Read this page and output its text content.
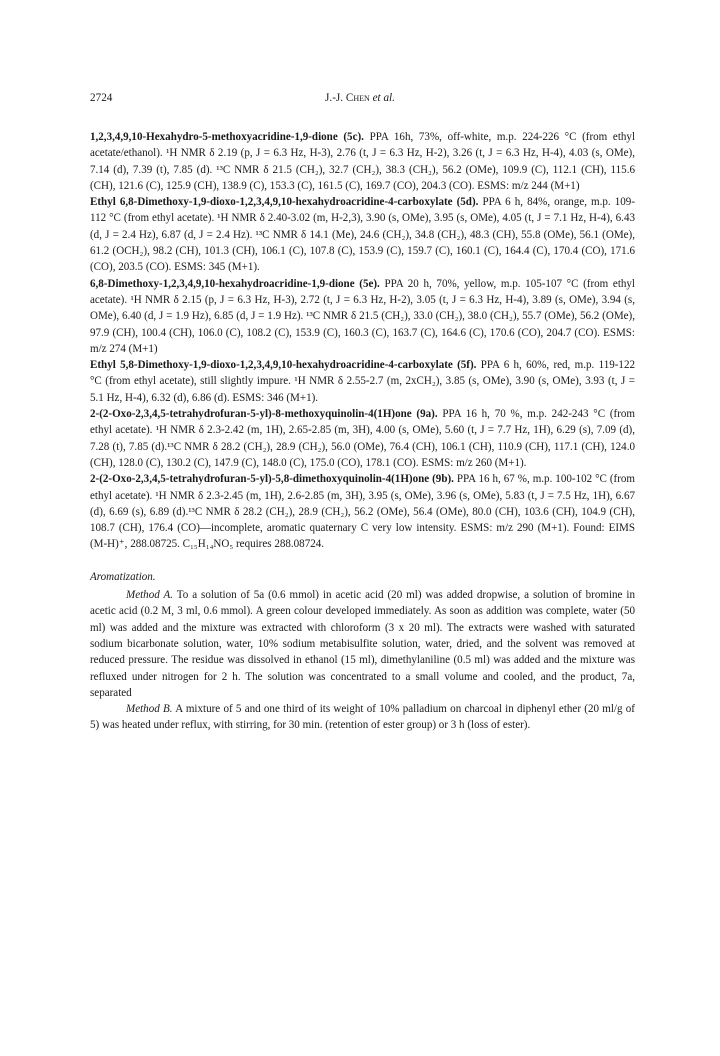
2724	J.-J. Chen et al.

1,2,3,4,9,10-Hexahydro-5-methoxyacridine-1,9-dione (5c). PPA 16h, 73%, off-white, m.p. 224-226 °C (from ethyl acetate/ethanol). ¹H NMR δ 2.19 (p, J = 6.3 Hz, H-3), 2.76 (t, J = 6.3 Hz, H-2), 3.26 (t, J = 6.3 Hz, H-4), 4.03 (s, OMe), 7.14 (d), 7.39 (t), 7.85 (d). ¹³C NMR δ 21.5 (CH₂), 32.7 (CH₂), 38.3 (CH₂), 56.2 (OMe), 109.9 (C), 112.1 (CH), 115.6 (CH), 121.6 (C), 125.9 (CH), 138.9 (C), 153.3 (C), 161.5 (C), 169.7 (CO), 204.3 (CO). ESMS: m/z 244 (M+1)

Ethyl 6,8-Dimethoxy-1,9-dioxo-1,2,3,4,9,10-hexahydroacridine-4-carboxylate (5d). PPA 6 h, 84%, orange, m.p. 109-112 °C (from ethyl acetate). ¹H NMR δ 2.40-3.02 (m, H-2,3), 3.90 (s, OMe), 3.95 (s, OMe), 4.05 (t, J = 7.1 Hz, H-4), 6.43 (d, J = 2.4 Hz), 6.87 (d, J = 2.4 Hz). ¹³C NMR δ 14.1 (Me), 24.6 (CH₂), 34.8 (CH₂), 48.3 (CH), 55.8 (OMe), 56.1 (OMe), 61.2 (OCH₂), 98.2 (CH), 101.3 (CH), 106.1 (C), 107.8 (C), 153.9 (C), 159.7 (C), 160.1 (C), 164.4 (C), 170.4 (CO), 171.6 (CO), 203.5 (CO). ESMS: 345 (M+1).

6,8-Dimethoxy-1,2,3,4,9,10-hexahydroacridine-1,9-dione (5e). PPA 20 h, 70%, yellow, m.p. 105-107 °C (from ethyl acetate). ¹H NMR δ 2.15 (p, J = 6.3 Hz, H-3), 2.72 (t, J = 6.3 Hz, H-2), 3.05 (t, J = 6.3 Hz, H-4), 3.89 (s, OMe), 3.94 (s, OMe), 6.40 (d, J = 1.9 Hz), 6.85 (d, J = 1.9 Hz). ¹³C NMR δ 21.5 (CH₂), 33.0 (CH₂), 38.0 (CH₂), 55.7 (OMe), 56.2 (OMe), 97.9 (CH), 100.4 (CH), 106.0 (C), 108.2 (C), 153.9 (C), 160.3 (C), 163.7 (C), 164.6 (C), 170.6 (CO), 204.7 (CO). ESMS: m/z 274 (M+1)

Ethyl 5,8-Dimethoxy-1,9-dioxo-1,2,3,4,9,10-hexahydroacridine-4-carboxylate (5f). PPA 6 h, 60%, red, m.p. 119-122 °C (from ethyl acetate), still slightly impure. ¹H NMR δ 2.55-2.7 (m, 2xCH₂), 3.85 (s, OMe), 3.90 (s, OMe), 3.93 (t, J = 5.1 Hz, H-4), 6.32 (d), 6.86 (d). ESMS: 346 (M+1).

2-(2-Oxo-2,3,4,5-tetrahydrofuran-5-yl)-8-methoxyquinolin-4(1H)one (9a). PPA 16 h, 70 %, m.p. 242-243 °C (from ethyl acetate). ¹H NMR δ 2.3-2.42 (m, 1H), 2.65-2.85 (m, 3H), 4.00 (s, OMe), 5.60 (t, J = 7.7 Hz, 1H), 6.29 (s), 7.09 (d), 7.28 (t), 7.85 (d).¹³C NMR δ 28.2 (CH₂), 28.9 (CH₂), 56.0 (OMe), 76.4 (CH), 106.1 (CH), 110.9 (CH), 117.1 (CH), 124.0 (CH), 128.0 (C), 130.2 (C), 147.9 (C), 148.0 (C), 175.0 (CO), 178.1 (CO). ESMS: m/z 260 (M+1).

2-(2-Oxo-2,3,4,5-tetrahydrofuran-5-yl)-5,8-dimethoxyquinolin-4(1H)one (9b). PPA 16 h, 67 %, m.p. 100-102 °C (from ethyl acetate). ¹H NMR δ 2.3-2.45 (m, 1H), 2.6-2.85 (m, 3H), 3.95 (s, OMe), 3.96 (s, OMe), 5.83 (t, J = 7.5 Hz, 1H), 6.67 (d), 6.69 (s), 6.89 (d).¹³C NMR δ 28.2 (CH₂), 28.9 (CH₂), 56.2 (OMe), 56.4 (OMe), 80.0 (CH), 103.6 (CH), 104.9 (CH), 108.7 (CH), 176.4 (CO)—incomplete, aromatic quaternary C very low intensity. ESMS: m/z 290 (M+1). Found: EIMS (M-H)⁺, 288.08725. C₁₅H₁₄NO₅ requires 288.08724.

Aromatization.

Method A. To a solution of 5a (0.6 mmol) in acetic acid (20 ml) was added dropwise, a solution of bromine in acetic acid (0.2 M, 3 ml, 0.6 mmol). A green colour developed immediately. As soon as addition was complete, water (50 ml) was added and the mixture was extracted with chloroform (3 x 20 ml). The extracts were washed with saturated sodium bicarbonate solution, water, 10% sodium metabisulfite solution, water, dried, and the solvent was removed at reduced pressure. The residue was dissolved in ethanol (15 ml), dimethylaniline (0.5 ml) was added and the mixture was refluxed under nitrogen for 2 h. The solution was concentrated to a small volume and cooled, and the product, 7a, separated

Method B. A mixture of 5 and one third of its weight of 10% palladium on charcoal in diphenyl ether (20 ml/g of 5) was heated under reflux, with stirring, for 30 min. (retention of ester group) or 3 h (loss of ester).
